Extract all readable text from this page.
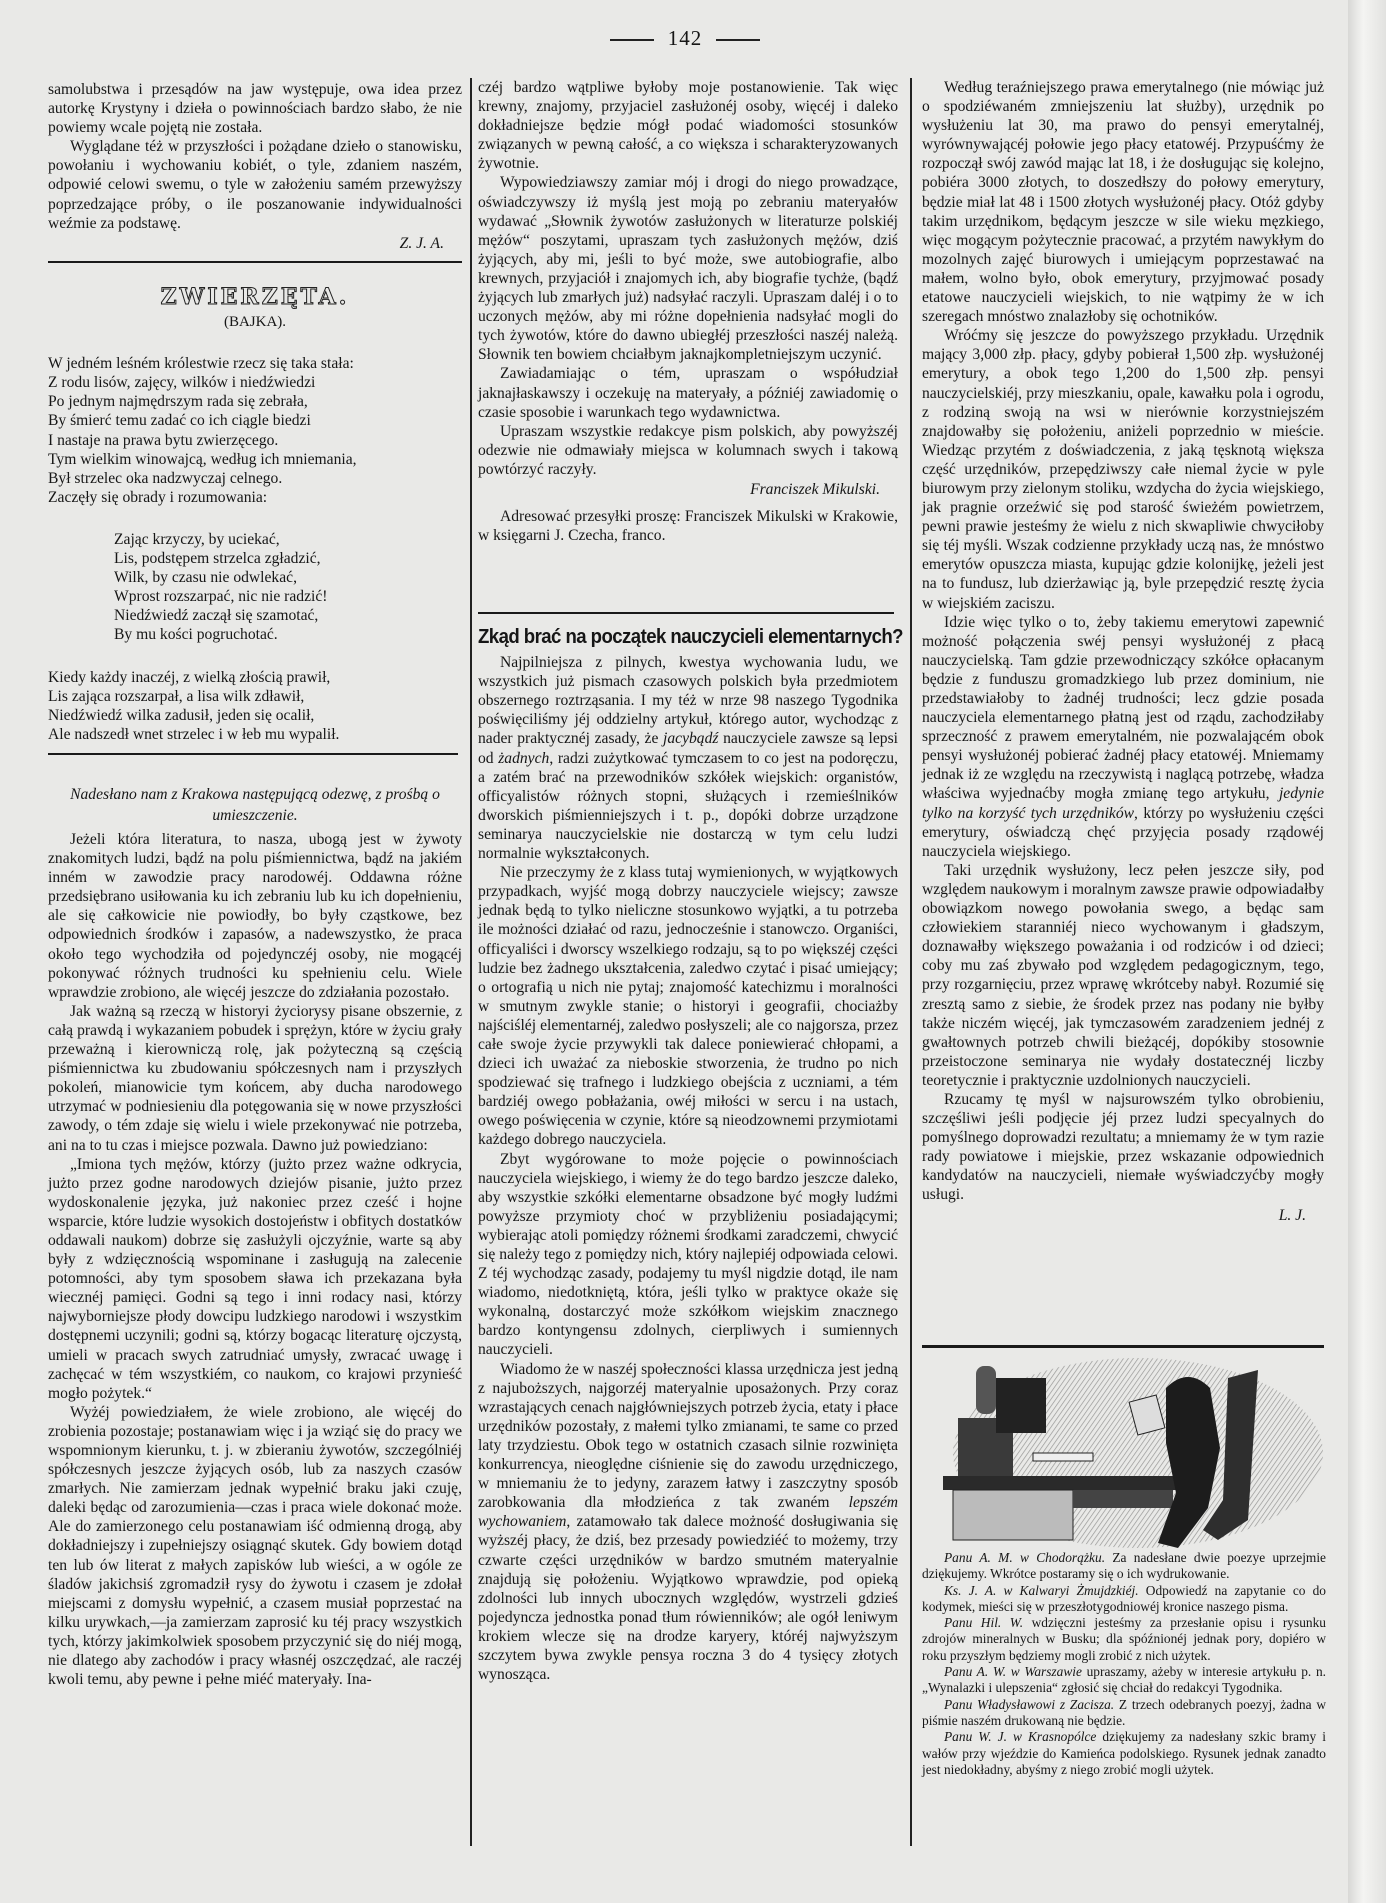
142

samolubstwa i przesądów na jaw występuje, owa idea przez autorkę Krystyny i dzieła o powinnościach bardzo słabo, że nie powiemy wcale pojętą nie została.

Wyglądane téż w przyszłości i pożądane dzieło o stanowisku, powołaniu i wychowaniu kobiét, o tyle, zdaniem naszém, odpowié celowi swemu, o tyle w założeniu samém przewyższy poprzedzające próby, o ile poszanowanie indywidualności weźmie za podstawę.

Z. J. A.
ZWIERZĘTA.
(BAJKA).
W jedném leśném królestwie rzecz się taka stała:
Z rodu lisów, zajęcy, wilków i niedźwiedzi
Po jednym najmędrszym rada się zebrała,
By śmierć temu zadać co ich ciągle biedzi
I nastaje na prawa bytu zwierzęcego.
Tym wielkim winowajcą, według ich mniemania,
Był strzelec oka nadzwyczaj celnego.
Zaczęły się obrady i rozumowania:
Zając krzyczy, by uciekać,
Lis, podstępem strzelca zgładzić,
Wilk, by czasu nie odwlekać,
Wprost rozszarpać, nic nie radzić!
Niedźwiedź zaczął się szamotać,
By mu kości pogruchotać.
Kiedy każdy inaczéj, z wielką złością prawił,
Lis zająca rozszarpał, a lisa wilk zdławił,
Niedźwiedź wilka zadusił, jeden się ocalił,
Ale nadszedł wnet strzelec i w łeb mu wypalił.
Nadesłano nam z Krakowa następującą odezwę, z prośbą o umieszczenie.

Jeżeli która literatura, to nasza, ubogą jest w żywoty znakomitych ludzi, bądź na polu piśmiennictwa, bądź na jakiém inném w zawodzie pracy narodowéj. Oddawna różne przedsiębrano usiłowania ku ich zebraniu lub ku ich dopełnieniu, ale się całkowicie nie powiodły, bo były cząstkowe, bez odpowiednich środków i zapasów, a nadewszystko, że praca około tego wychodziła od pojedynczéj osoby, nie mogącéj pokonywać różnych trudności ku spełnieniu celu. Wiele wprawdzie zrobiono, ale więcéj jeszcze do zdziałania pozostało.

Jak ważną są rzeczą w historyi życiorysy pisane obszernie, z całą prawdą i wykazaniem pobudek i sprężyn, które w życiu grały przeważną i kierowniczą rolę, jak pożyteczną są częścią piśmiennictwa ku zbudowaniu spółczesnych nam i przyszłych pokoleń, mianowicie tym końcem, aby ducha narodowego utrzymać w podniesieniu dla potęgowania się w nowe przyszłości zawody, o tém zdaje się wielu i wiele przekonywać nie potrzeba, ani na to tu czas i miejsce pozwala. Dawno już powiedziano:

„Imiona tych mężów, którzy (jużto przez ważne odkrycia, jużto przez godne narodowych dziejów pisanie, jużto przez wydoskonalenie języka, już nakoniec przez cześć i hojne wsparcie, które ludzie wysokich dostojeństw i obfitych dostatków oddawali naukom) dobrze się zasłużyli ojczyźnie, warte są aby były z wdzięcznością wspominane i zasługują na zalecenie potomności, aby tym sposobem sława ich przekazana była wiecznéj pamięci. Godni są tego i inni rodacy nasi, którzy najwyborniejsze płody dowcipu ludzkiego narodowi i wszystkim dostępnemi uczynili; godni są, którzy bogacąc literaturę ojczystą, umieli w pracach swych zatrudniać umysły, zwracać uwagę i zachęcać w tém wszystkiém, co naukom, co krajowi przynieść mogło pożytek.“

Wyżéj powiedziałem, że wiele zrobiono, ale więcéj do zrobienia pozostaje; postanawiam więc i ja wziąć się do pracy we wspomnionym kierunku, t. j. w zbieraniu żywotów, szczególniéj spółczesnych jeszcze żyjących osób, lub za naszych czasów zmarłych. Nie zamierzam jednak wypełnić braku jaki czuję, daleki będąc od zarozumienia—czas i praca wiele dokonać może. Ale do zamierzonego celu postanawiam iść odmienną drogą, aby dokładniejszy i zupełniejszy osiągnąć skutek. Gdy bowiem dotąd ten lub ów literat z małych zapisków lub wieści, a w ogóle ze śladów jakichsiś zgromadził rysy do żywotu i czasem je zdołał miejscami z domysłu wypełnić, a czasem musiał poprzestać na kilku urywkach,—ja zamierzam zaprosić ku téj pracy wszystkich tych, którzy jakimkolwiek sposobem przyczynić się do niéj mogą, nie dlatego aby zachodów i pracy własnéj oszczędzać, ale raczéj kwoli temu, aby pewne i pełne miéć materyały. Ina-

czéj bardzo wątpliwe byłoby moje postanowienie. Tak więc krewny, znajomy, przyjaciel zasłużonéj osoby, więcéj i daleko dokładniejsze będzie mógł podać wiadomości stosunków związanych w pewną całość, a co większa i scharakteryzowanych żywotnie.

Wypowiedziawszy zamiar mój i drogi do niego prowadzące, oświadczywszy iż myślą jest moją po zebraniu materyałów wydawać „Słownik żywotów zasłużonych w literaturze polskiéj mężów“ poszytami, upraszam tych zasłużonych mężów, dziś żyjących, aby mi, jeśli to być może, swe autobiografie, albo krewnych, przyjaciół i znajomych ich, aby biografie tychże, (bądź żyjących lub zmarłych już) nadsyłać raczyli. Upraszam daléj i o to uczonych mężów, aby mi różne dopełnienia nadsyłać mogli do tych żywotów, które do dawno ubiegłéj przeszłości naszéj należą. Słownik ten bowiem chciałbym jaknajkompletniejszym uczynić.

Zawiadamiając o tém, upraszam o współudział jaknajłaskawszy i oczekuję na materyały, a późniéj zawiadomię o czasie sposobie i warunkach tego wydawnictwa.

Upraszam wszystkie redakcye pism polskich, aby powyższéj odezwie nie odmawiały miejsca w kolumnach swych i takową powtórzyć raczyły.

Franciszek Mikulski.

Adresować przesyłki proszę: Franciszek Mikulski w Krakowie, w księgarni J. Czecha, franco.

Zkąd brać na początek nauczycieli elementarnych?

Najpilniejsza z pilnych, kwestya wychowania ludu, we wszystkich już pismach czasowych polskich była przedmiotem obszernego roztrząsania. I my téż w nrze 98 naszego Tygodnika poświęciliśmy jéj oddzielny artykuł, którego autor, wychodząc z nader praktycznéj zasady, że jacybądź nauczyciele zawsze są lepsi od żadnych, radzi zużytkować tymczasem to co jest na podoręczu, a zatém brać na przewodników szkółek wiejskich: organistów, officyalistów różnych stopni, służących i rzemieślników dworskich piśmienniejszych i t. p., dopóki dobrze urządzone seminarya nauczycielskie nie dostarczą w tym celu ludzi normalnie wykształconych.

Nie przeczymy że z klass tutaj wymienionych, w wyjątkowych przypadkach, wyjść mogą dobrzy nauczyciele wiejscy; zawsze jednak będą to tylko nieliczne stosunkowo wyjątki, a tu potrzeba ile możności działać od razu, jednocześnie i stanowczo. Organiści, officyaliści i dworscy wszelkiego rodzaju, są to po większéj części ludzie bez żadnego ukształcenia, zaledwo czytać i pisać umiejący; o ortografią u nich nie pytaj; znajomość katechizmu i moralności w smutnym zwykle stanie; o historyi i geografii, chociażby najściśléj elementarnéj, zaledwo posłyszeli; ale co najgorsza, przez całe swoje życie przywykli tak dalece poniewierać chłopami, a dzieci ich uważać za nieboskie stworzenia, że trudno po nich spodziewać się trafnego i ludzkiego obejścia z uczniami, a tém bardziéj owego pobłażania, owéj miłości w sercu i na ustach, owego poświęcenia w czynie, które są nieodzownemi przymiotami każdego dobrego nauczyciela.

Zbyt wygórowane to może pojęcie o powinnościach nauczyciela wiejskiego, i wiemy że do tego bardzo jeszcze daleko, aby wszystkie szkółki elementarne obsadzone być mogły ludźmi powyższe przymioty choć w przybliżeniu posiadającymi; wybierając atoli pomiędzy różnemi środkami zaradczemi, chwycić się należy tego z pomiędzy nich, który najlepiéj odpowiada celowi. Z téj wychodząc zasady, podajemy tu myśl nigdzie dotąd, ile nam wiadomo, niedotkniętą, która, jeśli tylko w praktyce okaże się wykonalną, dostarczyć może szkółkom wiejskim znacznego bardzo kontyngensu zdolnych, cierpliwych i sumiennych nauczycieli.

Wiadomo że w naszéj społeczności klassa urzędnicza jest jedną z najuboższych, najgorzéj materyalnie uposażonych. Przy coraz wzrastających cenach najgłówniejszych potrzeb życia, etaty i płace urzędników pozostały, z małemi tylko zmianami, te same co przed laty trzydziestu. Obok tego w ostatnich czasach silnie rozwinięta konkurrencya, nieoględne ciśnienie się do zawodu urzędniczego, w mniemaniu że to jedyny, zarazem łatwy i zaszczytny sposób zarobkowania dla młodzieńca z tak zwaném lepszém wychowaniem, zatamowało tak dalece możność dosługiwania się wyższéj płacy, że dziś, bez przesady powiedziéć to możemy, trzy czwarte części urzędników w bardzo smutném materyalnie znajdują się położeniu. Wyjątkowo wprawdzie, pod opieką zdolności lub innych ubocznych względów, wystrzeli gdzieś pojedyncza jednostka ponad tłum rówienników; ale ogół leniwym krokiem wlecze się na drodze karyery, któréj najwyższym szczytem bywa zwykle pensya roczna 3 do 4 tysięcy złotych wynosząca.

Według teraźniejszego prawa emerytalnego (nie mówiąc już o spodziéwaném zmniejszeniu lat służby), urzędnik po wysłużeniu lat 30, ma prawo do pensyi emerytalnéj, wyrównywającéj połowie jego płacy etatowéj. Przypuśćmy że rozpoczął swój zawód mając lat 18, i że dosługując się kolejno, pobiéra 3000 złotych, to doszedłszy do połowy emerytury, będzie miał lat 48 i 1500 złotych wysłużonéj płacy. Otóż gdyby takim urzędnikom, będącym jeszcze w sile wieku męzkiego, więc mogącym pożytecznie pracować, a przytém nawykłym do mozolnych zajęć biurowych i umiejącym poprzestawać na małem, wolno było, obok emerytury, przyjmować posady etatowe nauczycieli wiejskich, to nie wątpimy że w ich szeregach mnóstwo znalazłoby się ochotników.

Wróćmy się jeszcze do powyższego przykładu. Urzędnik mający 3,000 złp. płacy, gdyby pobierał 1,500 złp. wysłużonéj emerytury, a obok tego 1,200 do 1,500 złp. pensyi nauczycielskiéj, przy mieszkaniu, opale, kawałku pola i ogrodu, z rodziną swoją na wsi w nierównie korzystniejszém znajdowałby się położeniu, aniżeli poprzednio w mieście. Wiedząc przytém z doświadczenia, z jaką tęsknotą większa część urzędników, przepędziwszy całe niemal życie w pyle biurowym przy zielonym stoliku, wzdycha do życia wiejskiego, jak pragnie orzeźwić się pod starość świeżém powietrzem, pewni prawie jesteśmy że wielu z nich skwapliwie chwyciłoby się téj myśli. Wszak codzienne przykłady uczą nas, że mnóstwo emerytów opuszcza miasta, kupując gdzie kolonijkę, jeżeli jest na to fundusz, lub dzierżawiąc ją, byle przepędzić resztę życia w wiejskiém zaciszu.

Idzie więc tylko o to, żeby takiemu emerytowi zapewnić możność połączenia swéj pensyi wysłużonéj z płacą nauczycielską. Tam gdzie przewodniczący szkółce opłacanym będzie z funduszu gromadzkiego lub przez dominium, nie przedstawiałoby to żadnéj trudności; lecz gdzie posada nauczyciela elementarnego płatną jest od rządu, zachodziłaby sprzeczność z prawem emerytalném, nie pozwalającém obok pensyi wysłużonéj pobierać żadnéj płacy etatowéj. Mniemamy jednak iż ze względu na rzeczywistą i naglącą potrzebę, władza właściwa wyjednaćby mogła zmianę tego artykułu, jedynie tylko na korzyść tych urzędników, którzy po wysłużeniu części emerytury, oświadczą chęć przyjęcia posady rządowéj nauczyciela wiejskiego.

Taki urzędnik wysłużony, lecz pełen jeszcze siły, pod względem naukowym i moralnym zawsze prawie odpowiadałby obowiązkom nowego powołania swego, a będąc sam człowiekiem staranniéj nieco wychowanym i gładszym, doznawałby większego poważania i od rodziców i od dzieci; coby mu zaś zbywało pod względem pedagogicznym, tego, przy rozgarnięciu, przez wprawę wkrótceby nabył. Rozumié się zresztą samo z siebie, że środek przez nas podany nie byłby także niczém więcéj, jak tymczasowém zaradzeniem jednéj z gwałtownych potrzeb chwili bieżącéj, dopókiby stosownie przeistoczone seminarya nie wydały dostatecznéj liczby teoretycznie i praktycznie uzdolnionych nauczycieli.

Rzucamy tę myśl w najsurowszém tylko obrobieniu, szczęśliwi jeśli podjęcie jéj przez ludzi specyalnych do pomyślnego doprowadzi rezultatu; a mniemamy że w tym razie rady powiatowe i miejskie, przez wskazanie odpowiednich kandydatów na nauczycieli, niemałe wyświadczyćby mogły usługi.

L. J.

Panu A. M. w Chodorążku. Za nadesłane dwie poezye uprzejmie dziękujemy. Wkrótce postaramy się o ich wydrukowanie.

Ks. J. A. w Kalwaryi Żmujdzkiéj. Odpowiedź na zapytanie co do kodymek, mieści się w przeszłotygodniowéj kronice naszego pisma.

Panu Hil. W. wdzięczni jesteśmy za przesłanie opisu i rysunku zdrojów mineralnych w Busku; dla spóźnionéj jednak pory, dopiéro w roku przyszłym będziemy mogli zrobić z nich użytek.

Panu A. W. w Warszawie upraszamy, ażeby w interesie artykułu p. n. „Wynalazki i ulepszenia“ zgłosić się chciał do redakcyi Tygodnika.

Panu Władysławowi z Zacisza. Z trzech odebranych poezyj, żadna w piśmie naszém drukowaną nie będzie.

Panu W. J. w Krasnopólce dziękujemy za nadesłany szkic bramy i wałów przy wjeździe do Kamieńca podolskiego. Rysunek jednak zanadto jest niedokładny, abyśmy z niego zrobić mogli użytek.
